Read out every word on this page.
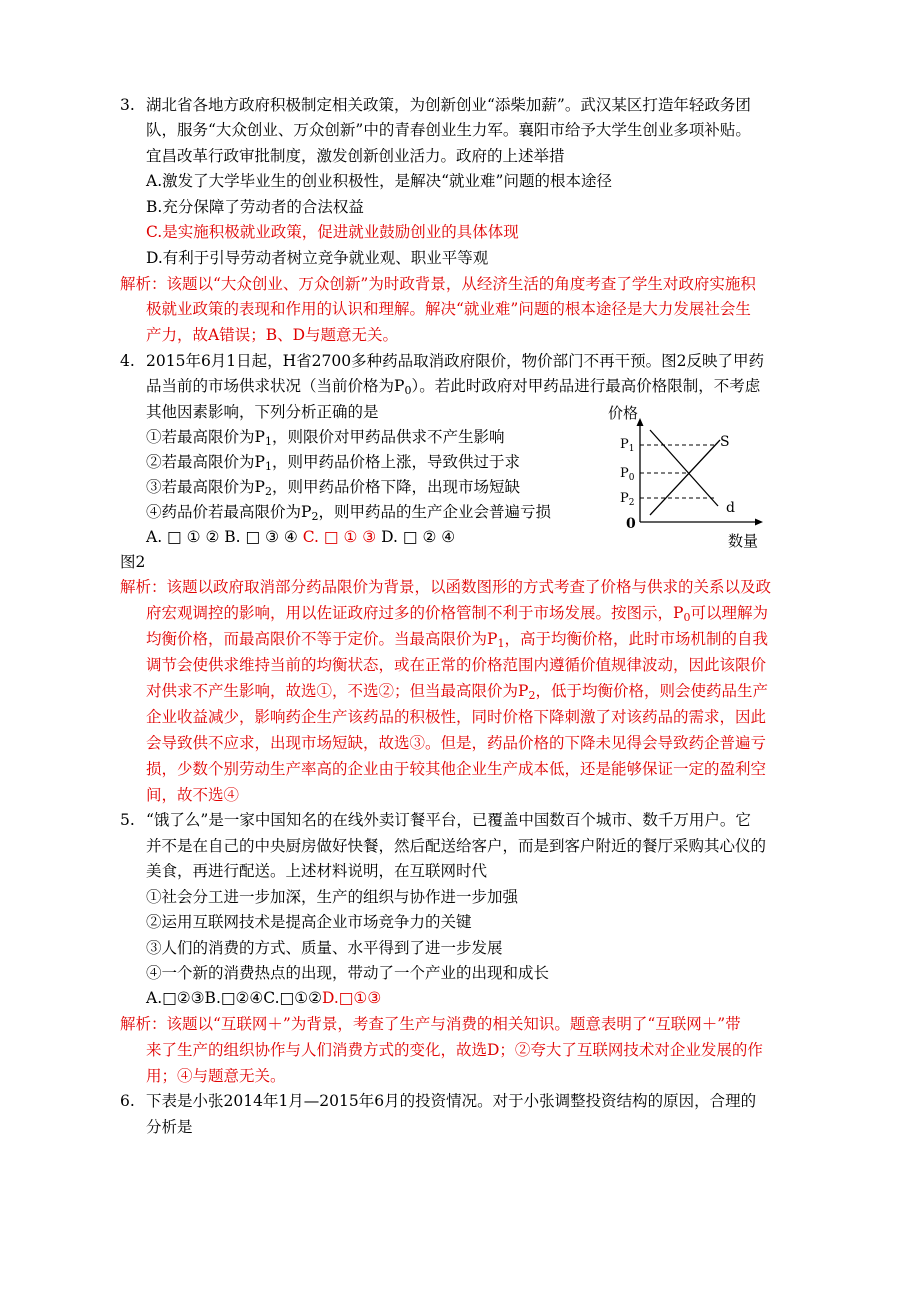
3. 湖北省各地方政府积极制定相关政策，为创新创业“添柴加薪”。武汉某区打造年轻政务团
队，服务“大众创业、万众创新”中的青春创业生力军。襄阳市给予大学生创业多项补贴。
宜昌改革行政审批制度，激发创新创业活力。政府的上述举措
A.激发了大学毕业生的创业积极性，是解决“就业难”问题的根本途径
B.充分保障了劳动者的合法权益
C.是实施积极就业政策，促进就业鼓励创业的具体体现
D.有利于引导劳动者树立竞争就业观、职业平等观
解析：该题以“大众创业、万众创新”为时政背景，从经济生活的角度考查了学生对政府实施积
极就业政策的表现和作用的认识和理解。解决“就业难”问题的根本途径是大力发展社会生
产力，故A错误；B、D与题意无关。
4. 2015年6月1日起，H省2700多种药品取消政府限价，物价部门不再干预。图2反映了甲药
品当前的市场供求状况（当前价格为$P_0$）。若此时政府对甲药品进行最高价格限制，不考虑
其他因素影响，下列分析正确的是
①若最高限价为$P_1$，则限价对甲药品供求不产生影响
②若最高限价为$P_1$，则甲药品价格上涨，导致供过于求
③若最高限价为$P_2$，则甲药品价格下降，出现市场短缺
④药品价若最高限价为$P_2$，则甲药品的生产企业会普遍亏损
A. □ ① ② B. □ ③ ④ C. □ ① ③ D. □ ② ④
图2
价格
数量
0
$P_1$
$P_0$
$P_2$
S
d
解析：该题以政府取消部分药品限价为背景，以函数图形的方式考查了价格与供求的关系以及政
府宏观调控的影响，用以佐证政府过多的价格管制不利于市场发展。按图示，$P_0$可以理解为
均衡价格，而最高限价不等于定价。当最高限价为$P_1$，高于均衡价格，此时市场机制的自我
调节会使供求维持当前的均衡状态，或在正常的价格范围内遵循价值规律波动，因此该限价
对供求不产生影响，故选①，不选②；但当最高限价为$P_2$，低于均衡价格，则会使药品生产
企业收益减少，影响药企生产该药品的积极性，同时价格下降刺激了对该药品的需求，因此
会导致供不应求，出现市场短缺，故选③。但是，药品价格的下降未见得会导致药企普遍亏
损，少数个别劳动生产率高的企业由于较其他企业生产成本低，还是能够保证一定的盈利空
间，故不选④
5. “饿了么”是一家中国知名的在线外卖订餐平台，已覆盖中国数百个城市、数千万用户。它
并不是在自己的中央厨房做好快餐，然后配送给客户，而是到客户附近的餐厅采购其心仪的
美食，再进行配送。上述材料说明，在互联网时代
①社会分工进一步加深，生产的组织与协作进一步加强
②运用互联网技术是提高企业市场竞争力的关键
③人们的消费的方式、质量、水平得到了进一步发展
④一个新的消费热点的出现，带动了一个产业的出现和成长
A.□②③B.□②④C.□①②D.□①③
解析：该题以“互联网＋”为背景，考查了生产与消费的相关知识。题意表明了“互联网＋”带
来了生产的组织协作与人们消费方式的变化，故选D；②夸大了互联网技术对企业发展的作
用；④与题意无关。
6. 下表是小张2014年1月—2015年6月的投资情况。对于小张调整投资结构的原因，合理的
分析是
